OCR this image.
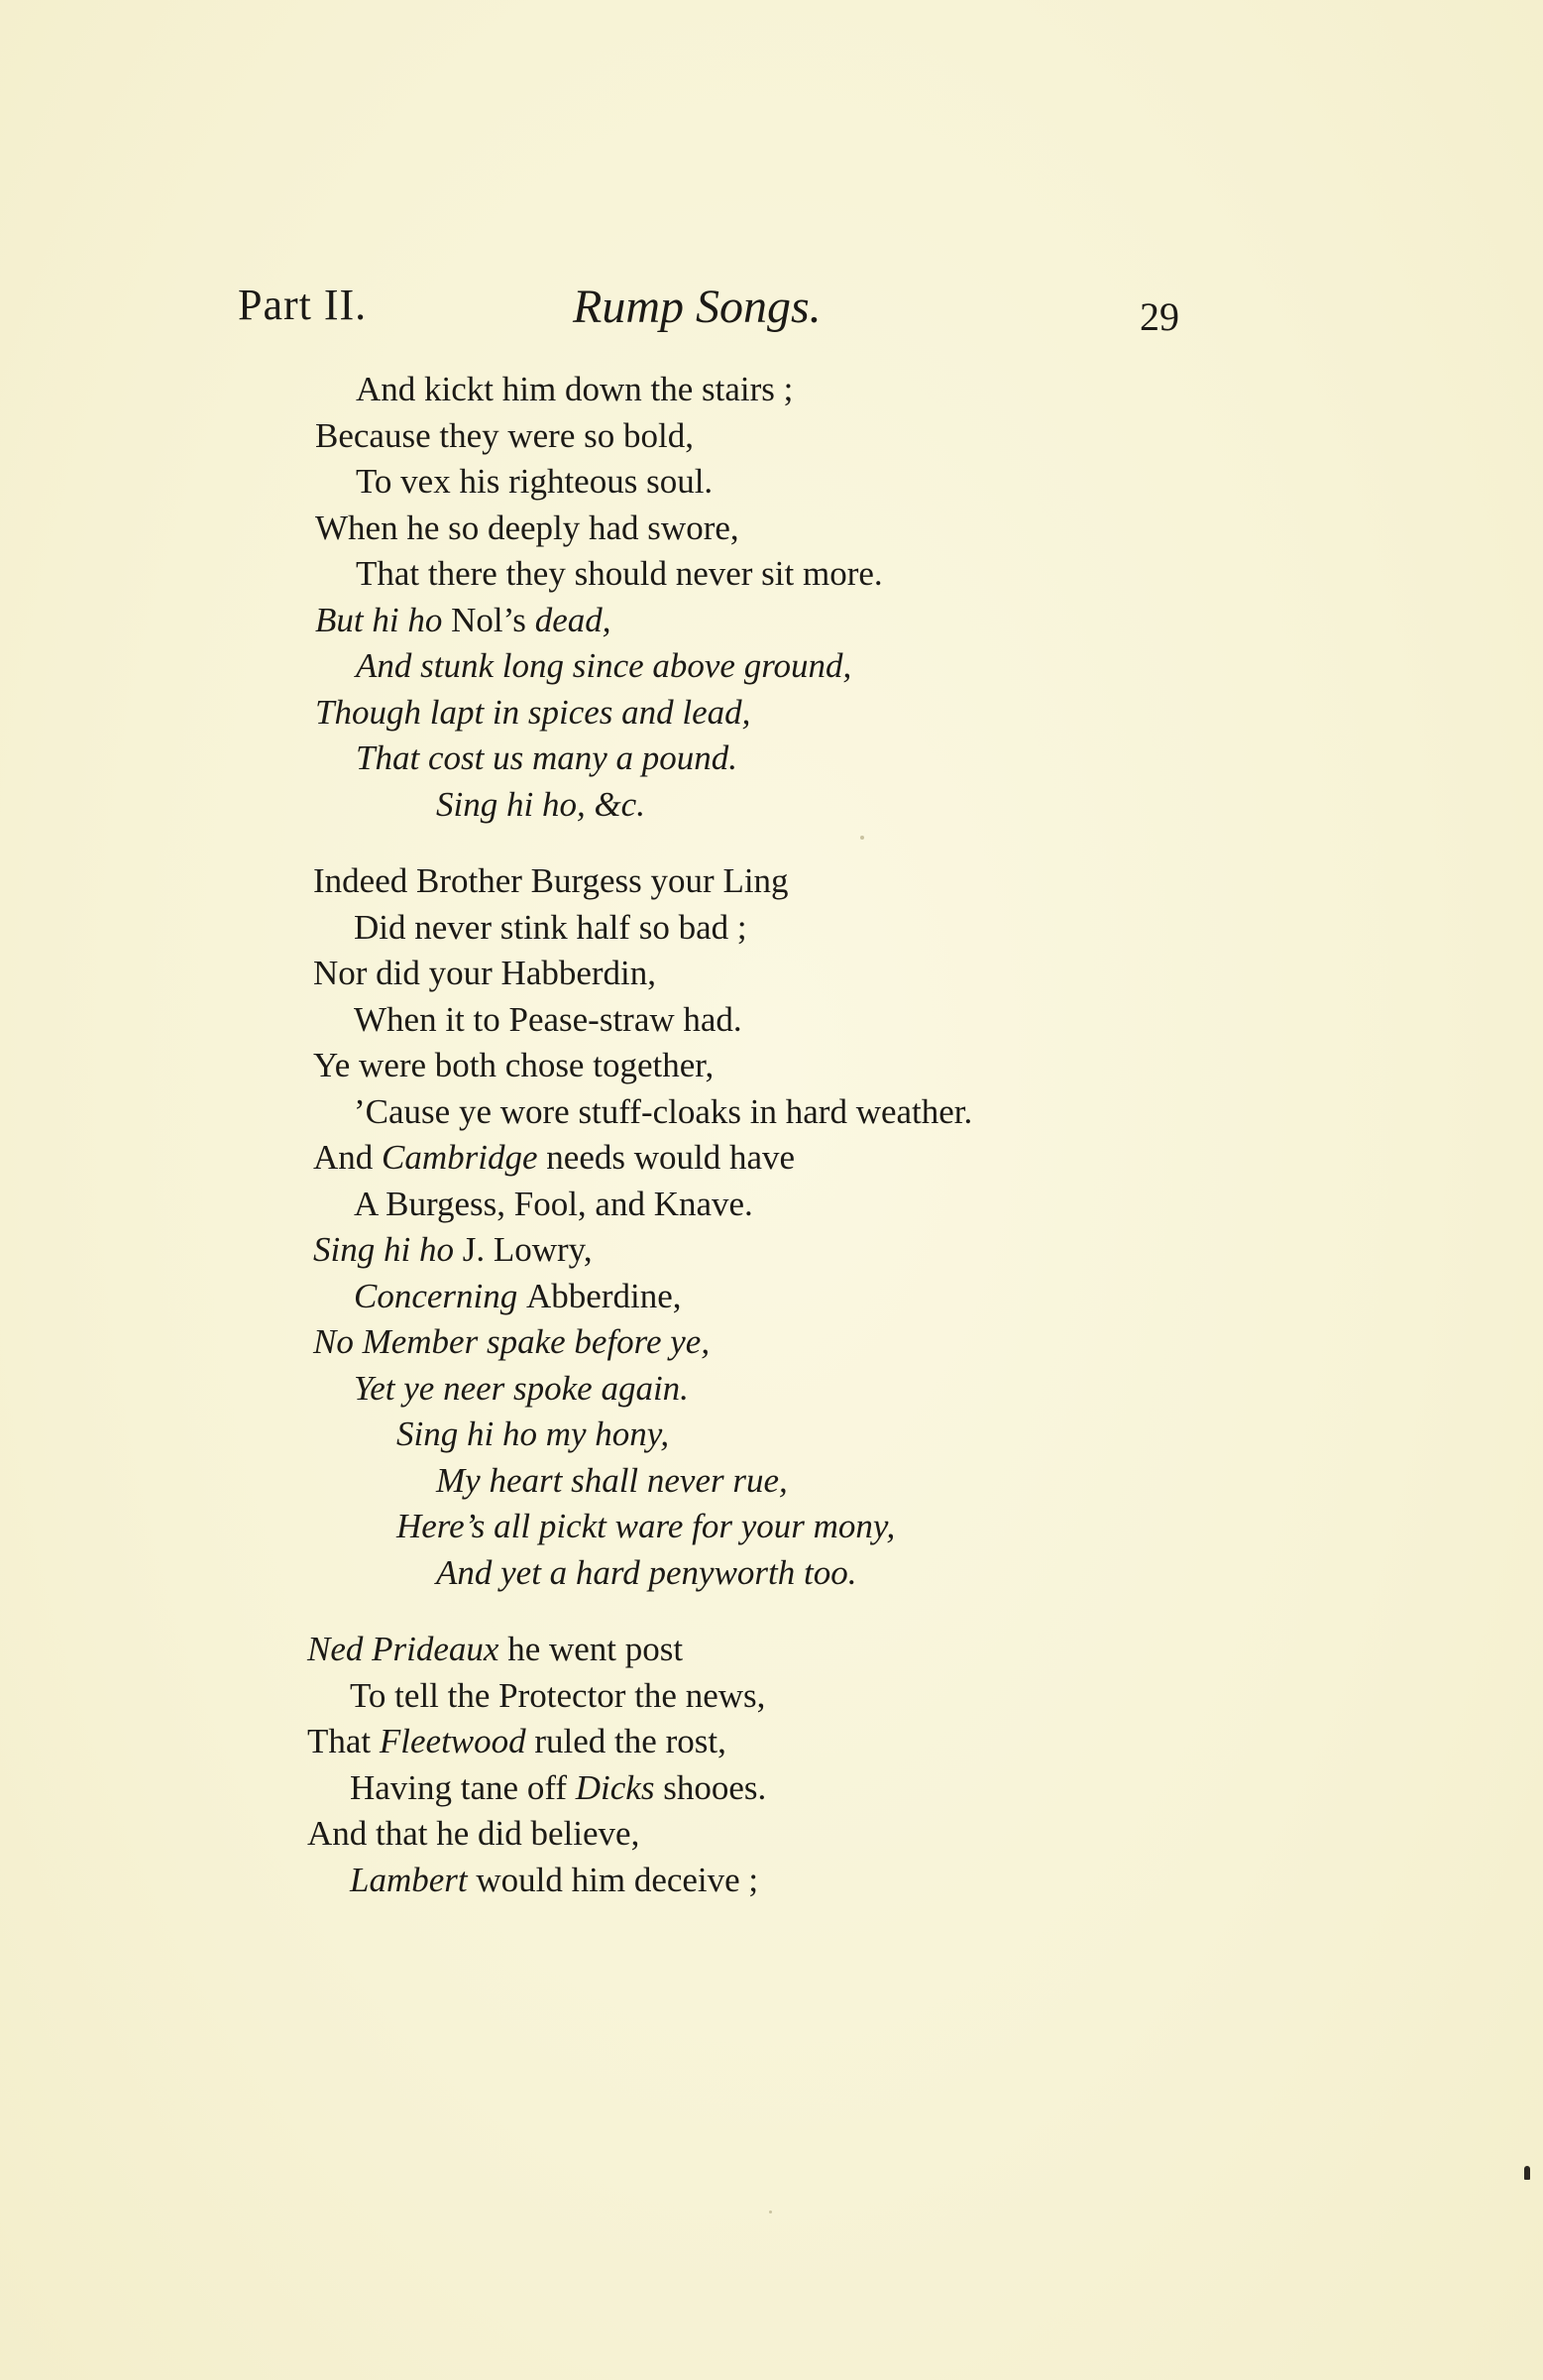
Part II.	Rump Songs.	29
And kickt him down the stairs ;
Because they were so bold,
To vex his righteous soul.
When he so deeply had swore,
That there they should never sit more.
But hi ho Nol’s dead,
And stunk long since above ground,
Though lapt in spices and lead,
That cost us many a pound.
Sing hi ho, &c.
Indeed Brother Burgess your Ling
Did never stink half so bad ;
Nor did your Habberdin,
When it to Pease-straw had.
Ye were both chose together,
’Cause ye wore stuff-cloaks in hard weather.
And Cambridge needs would have
A Burgess, Fool, and Knave.
Sing hi ho J. Lowry,
Concerning Abberdine,
No Member spake before ye,
Yet ye neer spoke again.
Sing hi ho my hony,
My heart shall never rue,
Here’s all pickt ware for your mony,
And yet a hard penyworth too.
Ned Prideaux he went post
To tell the Protector the news,
That Fleetwood ruled the rost,
Having tane off Dicks shooes.
And that he did believe,
Lambert would him deceive ;
